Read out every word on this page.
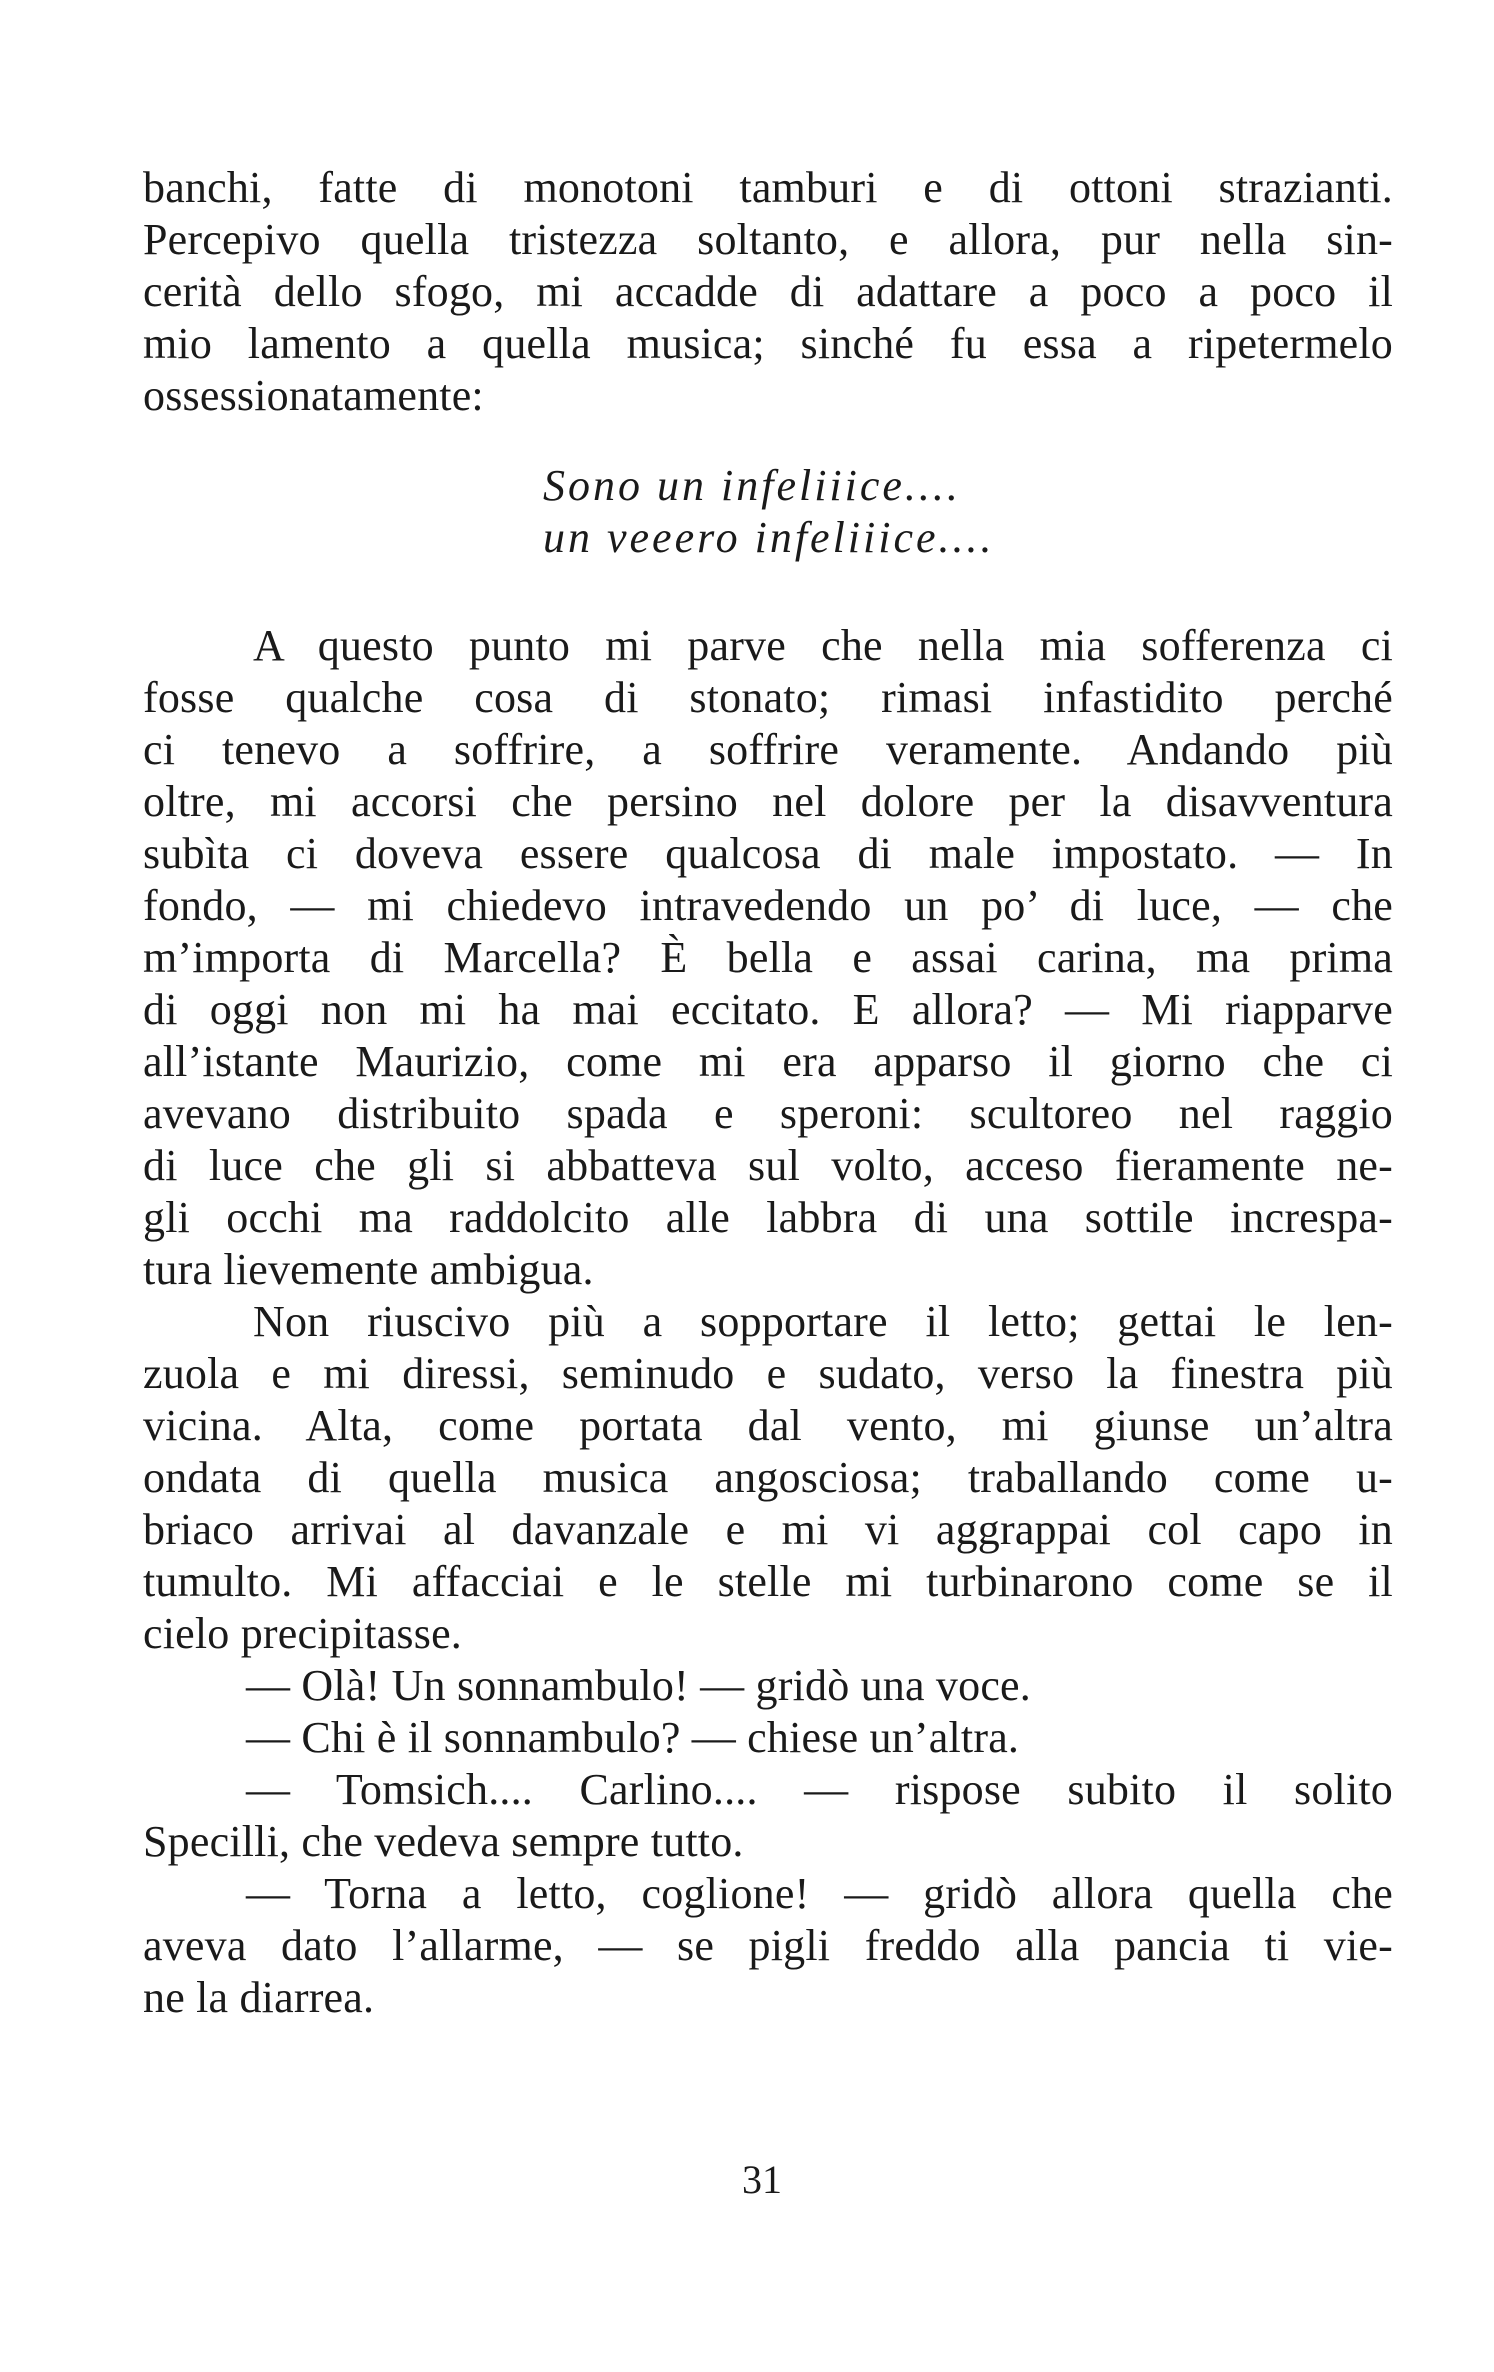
banchi, fatte di monotoni tamburi e di ottoni strazianti.
Percepivo quella tristezza soltanto, e allora, pur nella sin-
cerità dello sfogo, mi accadde di adattare a poco a poco il
mio lamento a quella musica; sinché fu essa a ripetermelo
ossessionatamente:
Sono un infeliiice....
un veeero infeliiice....
A questo punto mi parve che nella mia sofferenza ci
fosse qualche cosa di stonato; rimasi infastidito perché
ci tenevo a soffrire, a soffrire veramente. Andando più
oltre, mi accorsi che persino nel dolore per la disavventura
subìta ci doveva essere qualcosa di male impostato. — In
fondo, — mi chiedevo intravedendo un po’ di luce, — che
m’importa di Marcella? È bella e assai carina, ma prima
di oggi non mi ha mai eccitato. E allora? — Mi riapparve
all’istante Maurizio, come mi era apparso il giorno che ci
avevano distribuito spada e speroni: scultoreo nel raggio
di luce che gli si abbatteva sul volto, acceso fieramente ne-
gli occhi ma raddolcito alle labbra di una sottile increspa-
tura lievemente ambigua.
Non riuscivo più a sopportare il letto; gettai le len-
zuola e mi diressi, seminudo e sudato, verso la finestra più
vicina. Alta, come portata dal vento, mi giunse un’altra
ondata di quella musica angosciosa; traballando come u-
briaco arrivai al davanzale e mi vi aggrappai col capo in
tumulto. Mi affacciai e le stelle mi turbinarono come se il
cielo precipitasse.
— Olà! Un sonnambulo! — gridò una voce.
— Chi è il sonnambulo? — chiese un’altra.
— Tomsich.... Carlino.... — rispose subito il solito
Specilli, che vedeva sempre tutto.
— Torna a letto, coglione! — gridò allora quella che
aveva dato l’allarme, — se pigli freddo alla pancia ti vie-
ne la diarrea.
31
